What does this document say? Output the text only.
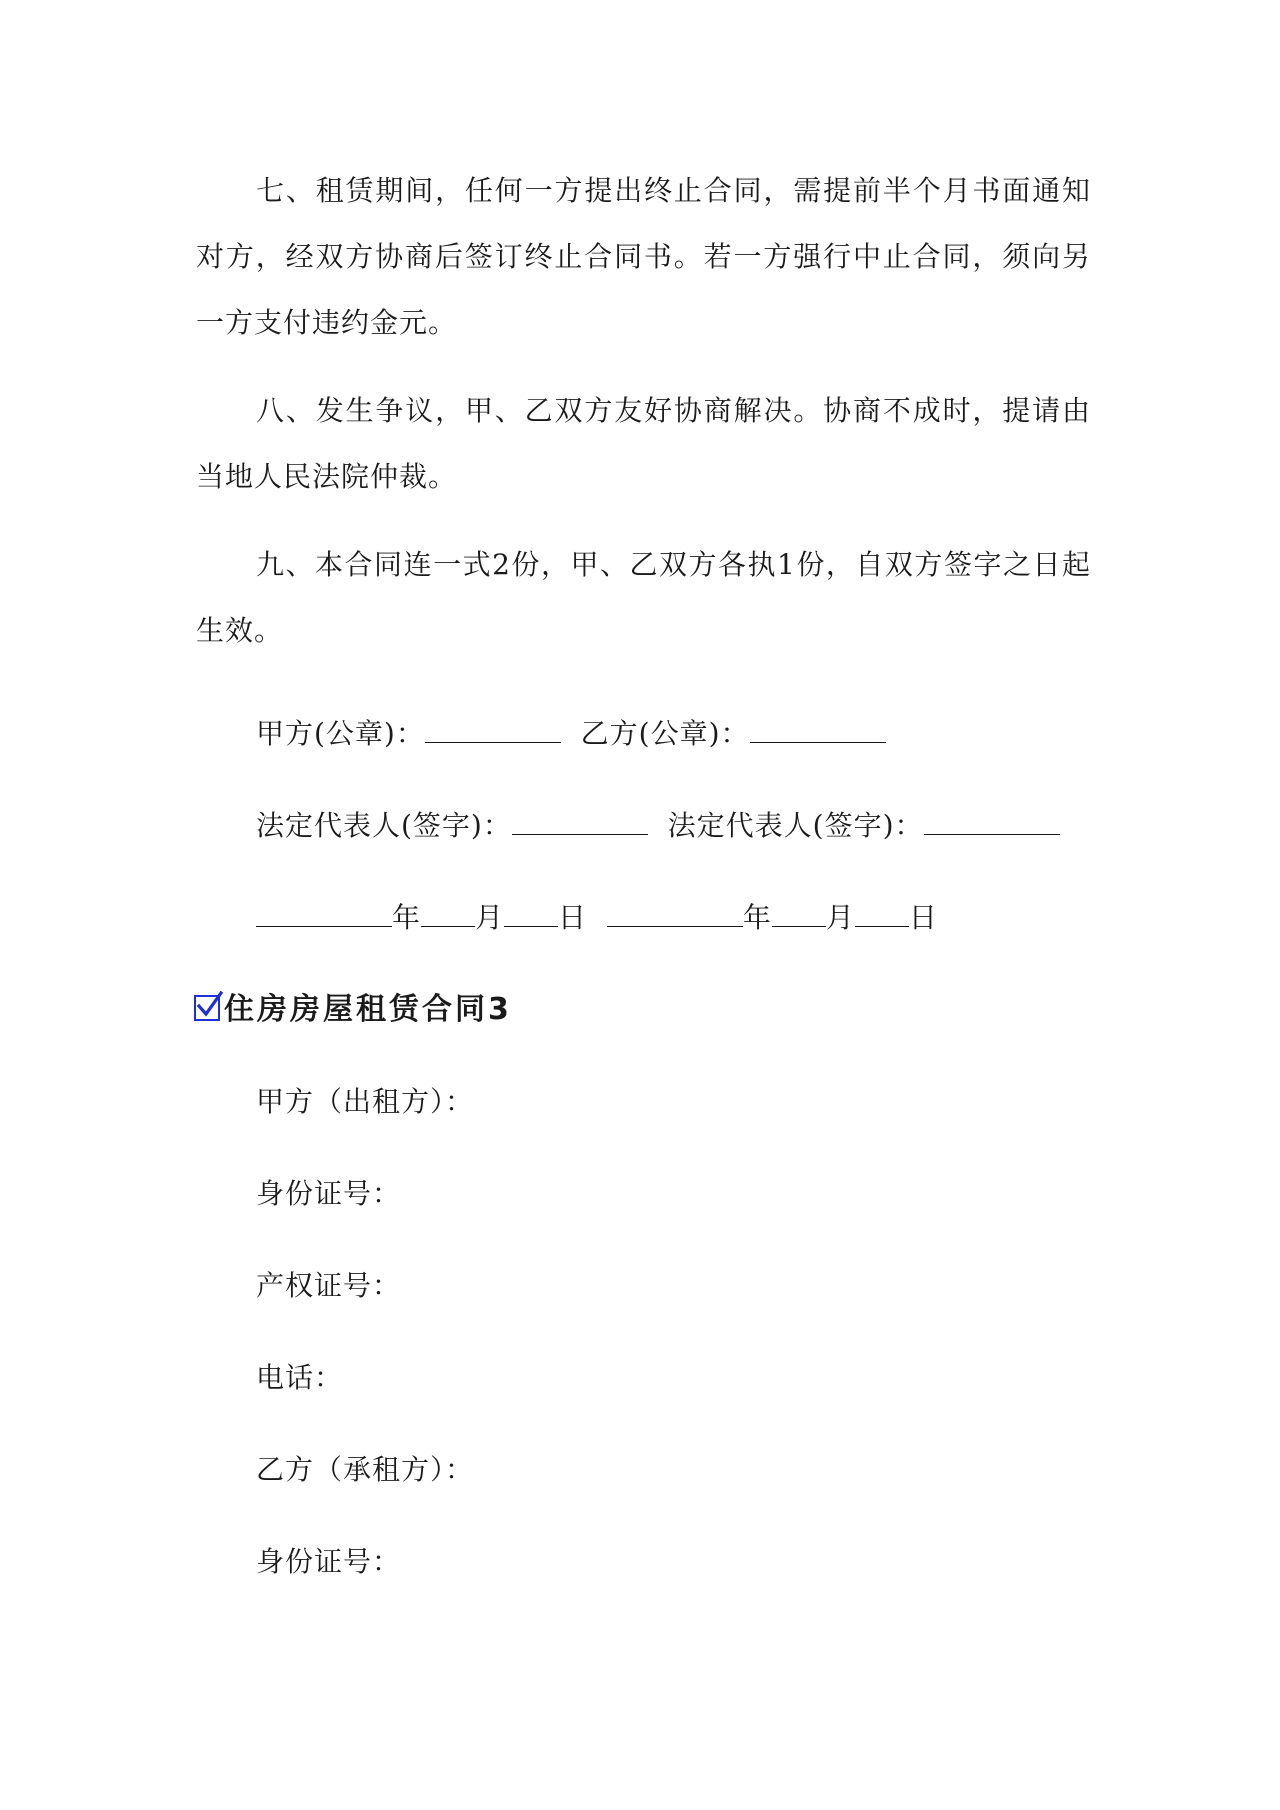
七、租赁期间，任何一方提出终止合同，需提前半个月书面通知对方，经双方协商后签订终止合同书。若一方强行中止合同，须向另一方支付违约金元。

八、发生争议，甲、乙双方友好协商解决。协商不成时，提请由当地人民法院仲裁。

九、本合同连一式2份，甲、乙双方各执1份，自双方签字之日起生效。

甲方(公章)：	乙方(公章)：

法定代表人(签字)：	法定代表人(签字)：

年 月 日	年 月 日

住房房屋租赁合同3

甲方（出租方）：

身份证号：

产权证号：

电话：

乙方（承租方）：

身份证号：
